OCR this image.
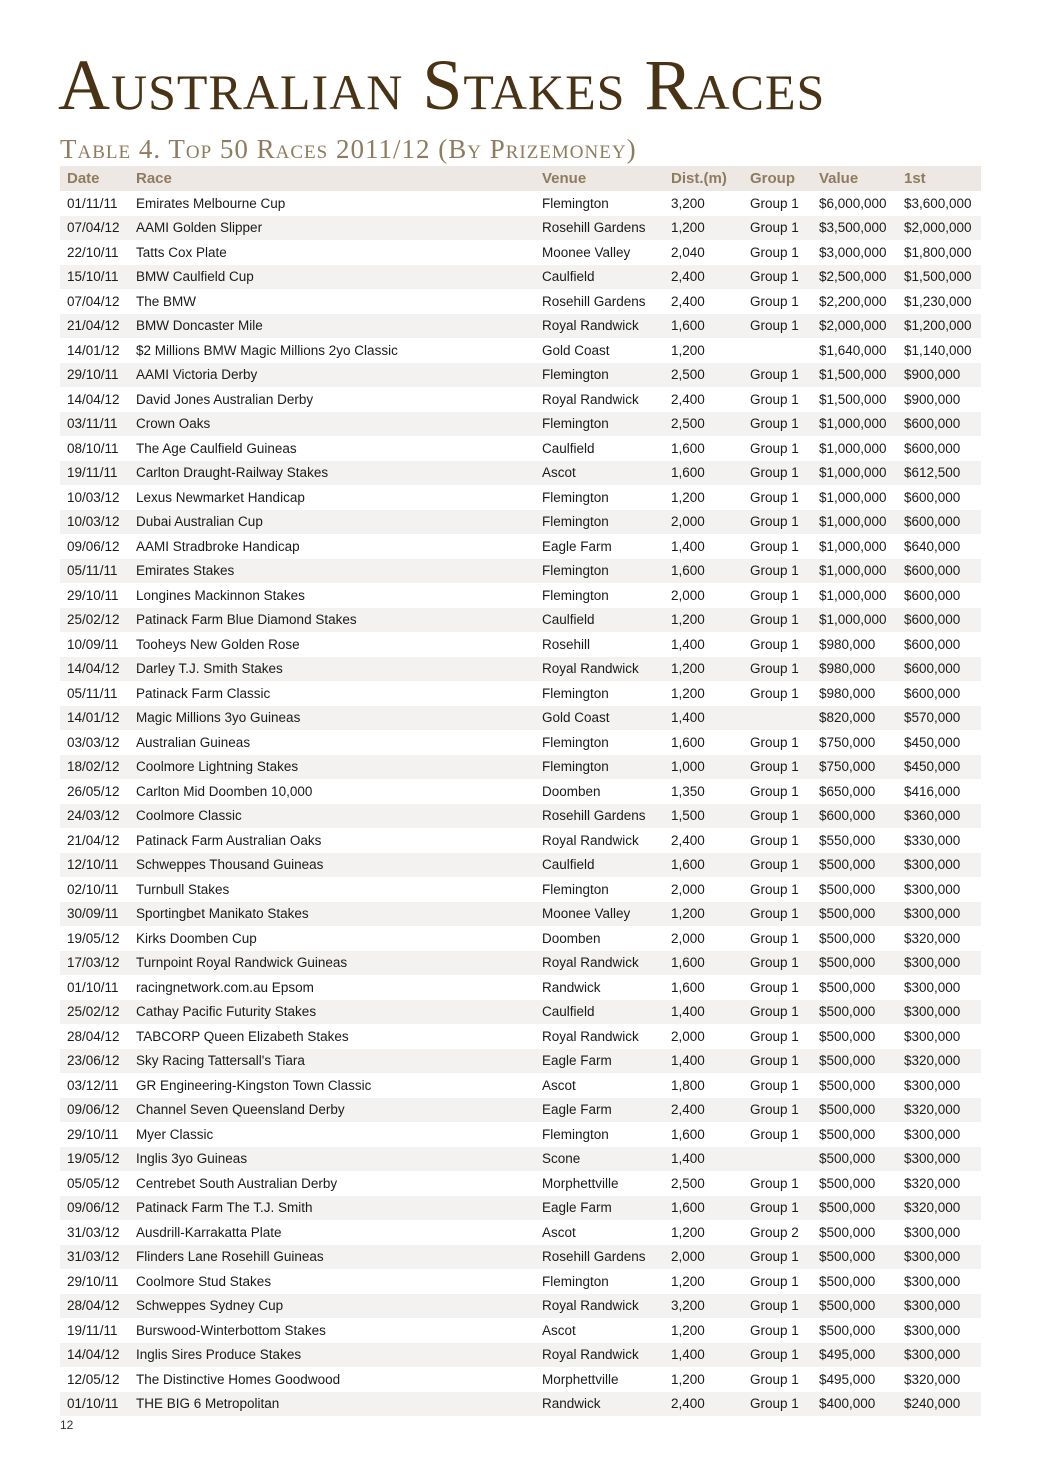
Australian Stakes Races
Table 4. Top 50 Races 2011/12 (By Prizemoney)
Date	Race	Venue	Dist.(m)	Group	Value	1st
01/11/11	Emirates Melbourne Cup	Flemington	3,200	Group 1	$6,000,000	$3,600,000
07/04/12	AAMI Golden Slipper	Rosehill Gardens	1,200	Group 1	$3,500,000	$2,000,000
22/10/11	Tatts Cox Plate	Moonee Valley	2,040	Group 1	$3,000,000	$1,800,000
15/10/11	BMW Caulfield Cup	Caulfield	2,400	Group 1	$2,500,000	$1,500,000
07/04/12	The BMW	Rosehill Gardens	2,400	Group 1	$2,200,000	$1,230,000
21/04/12	BMW Doncaster Mile	Royal Randwick	1,600	Group 1	$2,000,000	$1,200,000
14/01/12	$2 Millions BMW Magic Millions 2yo Classic	Gold Coast	1,200		$1,640,000	$1,140,000
29/10/11	AAMI Victoria Derby	Flemington	2,500	Group 1	$1,500,000	$900,000
14/04/12	David Jones Australian Derby	Royal Randwick	2,400	Group 1	$1,500,000	$900,000
03/11/11	Crown Oaks	Flemington	2,500	Group 1	$1,000,000	$600,000
08/10/11	The Age Caulfield Guineas	Caulfield	1,600	Group 1	$1,000,000	$600,000
19/11/11	Carlton Draught-Railway Stakes	Ascot	1,600	Group 1	$1,000,000	$612,500
10/03/12	Lexus Newmarket Handicap	Flemington	1,200	Group 1	$1,000,000	$600,000
10/03/12	Dubai Australian Cup	Flemington	2,000	Group 1	$1,000,000	$600,000
09/06/12	AAMI Stradbroke Handicap	Eagle Farm	1,400	Group 1	$1,000,000	$640,000
05/11/11	Emirates Stakes	Flemington	1,600	Group 1	$1,000,000	$600,000
29/10/11	Longines Mackinnon Stakes	Flemington	2,000	Group 1	$1,000,000	$600,000
25/02/12	Patinack Farm Blue Diamond Stakes	Caulfield	1,200	Group 1	$1,000,000	$600,000
10/09/11	Tooheys New Golden Rose	Rosehill	1,400	Group 1	$980,000	$600,000
14/04/12	Darley T.J. Smith Stakes	Royal Randwick	1,200	Group 1	$980,000	$600,000
05/11/11	Patinack Farm Classic	Flemington	1,200	Group 1	$980,000	$600,000
14/01/12	Magic Millions 3yo Guineas	Gold Coast	1,400		$820,000	$570,000
03/03/12	Australian Guineas	Flemington	1,600	Group 1	$750,000	$450,000
18/02/12	Coolmore Lightning Stakes	Flemington	1,000	Group 1	$750,000	$450,000
26/05/12	Carlton Mid Doomben 10,000	Doomben	1,350	Group 1	$650,000	$416,000
24/03/12	Coolmore Classic	Rosehill Gardens	1,500	Group 1	$600,000	$360,000
21/04/12	Patinack Farm Australian Oaks	Royal Randwick	2,400	Group 1	$550,000	$330,000
12/10/11	Schweppes Thousand Guineas	Caulfield	1,600	Group 1	$500,000	$300,000
02/10/11	Turnbull Stakes	Flemington	2,000	Group 1	$500,000	$300,000
30/09/11	Sportingbet Manikato Stakes	Moonee Valley	1,200	Group 1	$500,000	$300,000
19/05/12	Kirks Doomben Cup	Doomben	2,000	Group 1	$500,000	$320,000
17/03/12	Turnpoint Royal Randwick Guineas	Royal Randwick	1,600	Group 1	$500,000	$300,000
01/10/11	racingnetwork.com.au Epsom	Randwick	1,600	Group 1	$500,000	$300,000
25/02/12	Cathay Pacific Futurity Stakes	Caulfield	1,400	Group 1	$500,000	$300,000
28/04/12	TABCORP Queen Elizabeth Stakes	Royal Randwick	2,000	Group 1	$500,000	$300,000
23/06/12	Sky Racing Tattersall's Tiara	Eagle Farm	1,400	Group 1	$500,000	$320,000
03/12/11	GR Engineering-Kingston Town Classic	Ascot	1,800	Group 1	$500,000	$300,000
09/06/12	Channel Seven Queensland Derby	Eagle Farm	2,400	Group 1	$500,000	$320,000
29/10/11	Myer Classic	Flemington	1,600	Group 1	$500,000	$300,000
19/05/12	Inglis 3yo Guineas	Scone	1,400		$500,000	$300,000
05/05/12	Centrebet South Australian Derby	Morphettville	2,500	Group 1	$500,000	$320,000
09/06/12	Patinack Farm The T.J. Smith	Eagle Farm	1,600	Group 1	$500,000	$320,000
31/03/12	Ausdrill-Karrakatta Plate	Ascot	1,200	Group 2	$500,000	$300,000
31/03/12	Flinders Lane Rosehill Guineas	Rosehill Gardens	2,000	Group 1	$500,000	$300,000
29/10/11	Coolmore Stud Stakes	Flemington	1,200	Group 1	$500,000	$300,000
28/04/12	Schweppes Sydney Cup	Royal Randwick	3,200	Group 1	$500,000	$300,000
19/11/11	Burswood-Winterbottom Stakes	Ascot	1,200	Group 1	$500,000	$300,000
14/04/12	Inglis Sires Produce Stakes	Royal Randwick	1,400	Group 1	$495,000	$300,000
12/05/12	The Distinctive Homes Goodwood	Morphettville	1,200	Group 1	$495,000	$320,000
01/10/11	THE BIG 6 Metropolitan	Randwick	2,400	Group 1	$400,000	$240,000
12
